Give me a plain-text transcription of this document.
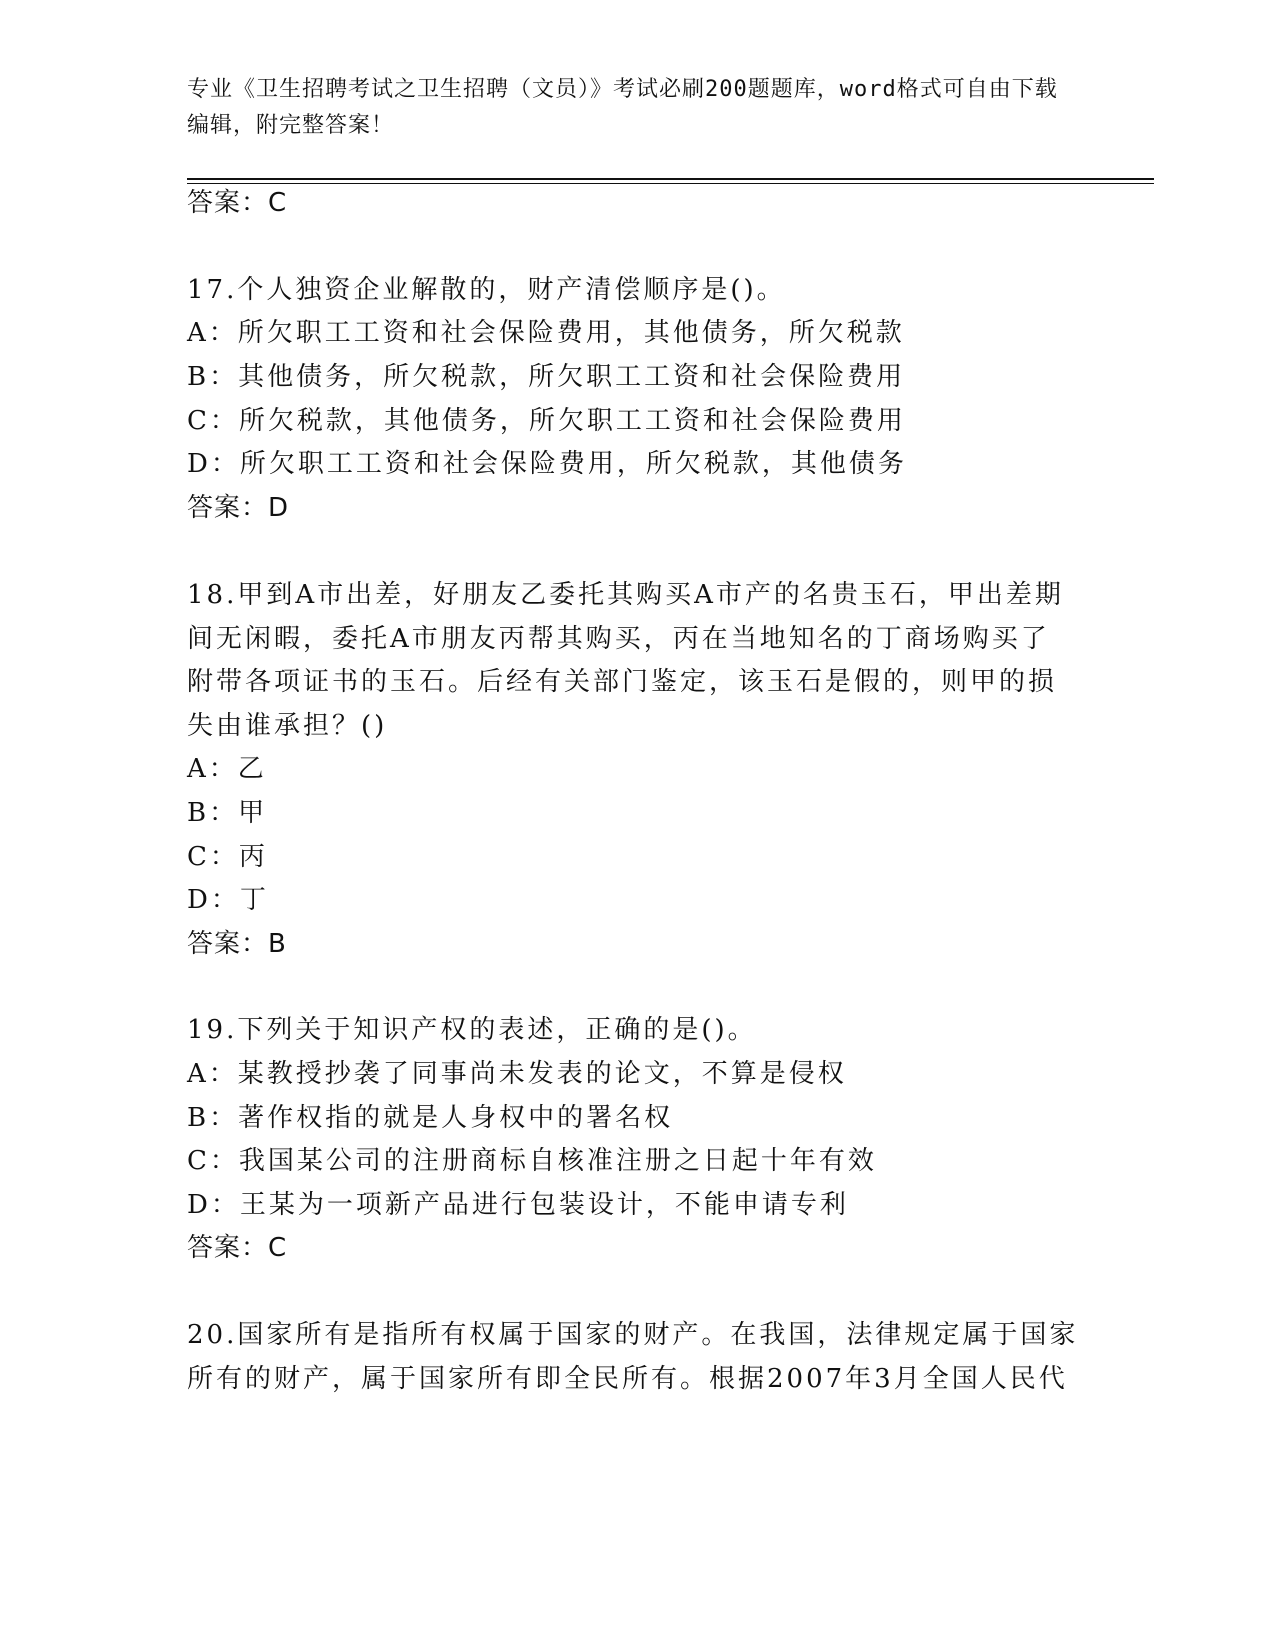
专业《卫生招聘考试之卫生招聘（文员）》考试必刷200题题库，word格式可自由下载编辑，附完整答案！
答案：C
17.个人独资企业解散的，财产清偿顺序是()。
A：所欠职工工资和社会保险费用，其他债务，所欠税款
B：其他债务，所欠税款，所欠职工工资和社会保险费用
C：所欠税款，其他债务，所欠职工工资和社会保险费用
D：所欠职工工资和社会保险费用，所欠税款，其他债务
答案：D
18.甲到A市出差，好朋友乙委托其购买A市产的名贵玉石，甲出差期
间无闲暇，委托A市朋友丙帮其购买，丙在当地知名的丁商场购买了
附带各项证书的玉石。后经有关部门鉴定，该玉石是假的，则甲的损
失由谁承担？()
A：乙
B：甲
C：丙
D：丁
答案：B
19.下列关于知识产权的表述，正确的是()。
A：某教授抄袭了同事尚未发表的论文，不算是侵权
B：著作权指的就是人身权中的署名权
C：我国某公司的注册商标自核准注册之日起十年有效
D：王某为一项新产品进行包装设计，不能申请专利
答案：C
20.国家所有是指所有权属于国家的财产。在我国，法律规定属于国家
所有的财产，属于国家所有即全民所有。根据2007年3月全国人民代
